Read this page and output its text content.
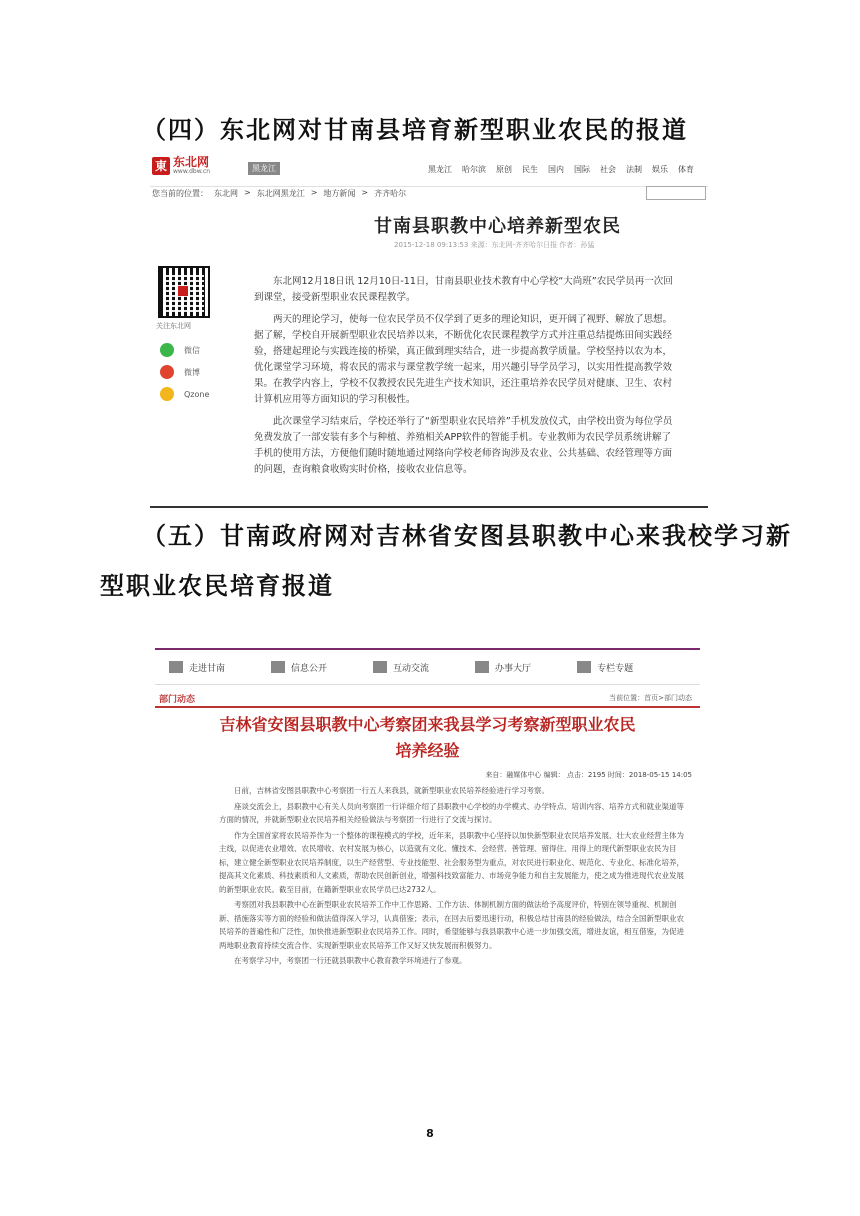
（四）东北网对甘南县培育新型职业农民的报道
東 东北网
www.dbw.cn	黑龙江	黑龙江 哈尔滨 原创 民生 国内 国际 社会 法制 娱乐 体育
您当前的位置： 东北网 > 东北网黑龙江 > 地方新闻 > 齐齐哈尔
甘南县职教中心培养新型农民
2015-12-18 09:13:53 来源：东北网-齐齐哈尔日报 作者：孙猛
关注东北网
微信
微博
Qzone

东北网12月18日讯 12月10日-11日，甘南县职业技术教育中心学校“大尚班”农民学员再一次回到课堂，接受新型职业农民课程教学。

两天的理论学习，使每一位农民学员不仅学到了更多的理论知识，更开阔了视野、解放了思想。据了解，学校自开展新型职业农民培养以来，不断优化农民课程教学方式并注重总结提炼田间实践经验，搭建起理论与实践连接的桥梁，真正做到理实结合，进一步提高教学质量。学校坚持以农为本，优化课堂学习环境，将农民的需求与课堂教学统一起来，用兴趣引导学员学习，以实用性提高教学效果。在教学内容上，学校不仅教授农民先进生产技术知识，还注重培养农民学员对健康、卫生、农村计算机应用等方面知识的学习积极性。

此次课堂学习结束后，学校还举行了“新型职业农民培养”手机发放仪式，由学校出资为每位学员免费发放了一部安装有多个与种植、养殖相关APP软件的智能手机。专业教师为农民学员系统讲解了手机的使用方法，方便他们随时随地通过网络向学校老师咨询涉及农业、公共基础、农经管理等方面的问题，查询粮食收购实时价格，接收农业信息等。

（五）甘南政府网对吉林省安图县职教中心来我校学习新
型职业农民培育报道
走进甘南	信息公开	互动交流	办事大厅	专栏专题
部门动态	当前位置：首页>部门动态
吉林省安图县职教中心考察团来我县学习考察新型职业农民
培养经验
来自：融媒体中心 编辑： 点击：2195 时间：2018-05-15 14:05

日前，吉林省安图县职教中心考察团一行五人来我县，就新型职业农民培养经验进行学习考察。

座谈交流会上，县职教中心有关人员向考察团一行详细介绍了县职教中心学校的办学模式、办学特点、培训内容、培养方式和就业渠道等方面的情况，并就新型职业农民培养相关经验做法与考察团一行进行了交流与探讨。

作为全国首家将农民培养作为一个整体的课程模式的学校，近年来，县职教中心坚持以加快新型职业农民培养发展、壮大农业经营主体为主线，以促进农业增效、农民增收、农村发展为核心，以造就有文化、懂技术、会经营、善管理、留得住、用得上的现代新型职业农民为目标，建立健全新型职业农民培养制度，以生产经营型、专业技能型、社会服务型为重点，对农民进行职业化、规范化、专业化、标准化培养，提高其文化素质、科技素质和人文素质，帮助农民创新创业，增强科技致富能力、市场竞争能力和自主发展能力，使之成为推进现代农业发展的新型职业农民。截至目前，在籍新型职业农民学员已达2732人。

考察团对我县职教中心在新型职业农民培养工作中工作思路、工作方法、体制机制方面的做法给予高度评价，特别在领导重视、机制创新、措施落实等方面的经验和做法值得深入学习，认真借鉴；表示，在回去后要迅速行动，积极总结甘南县的经验做法，结合全国新型职业农民培养的普遍性和广泛性，加快推进新型职业农民培养工作。同时，希望能够与我县职教中心进一步加强交流，增进友谊，相互借鉴，为促进两地职业教育持续交流合作、实现新型职业农民培养工作又好又快发展而积极努力。

在考察学习中，考察团一行还就县职教中心教育教学环境进行了参观。

8
